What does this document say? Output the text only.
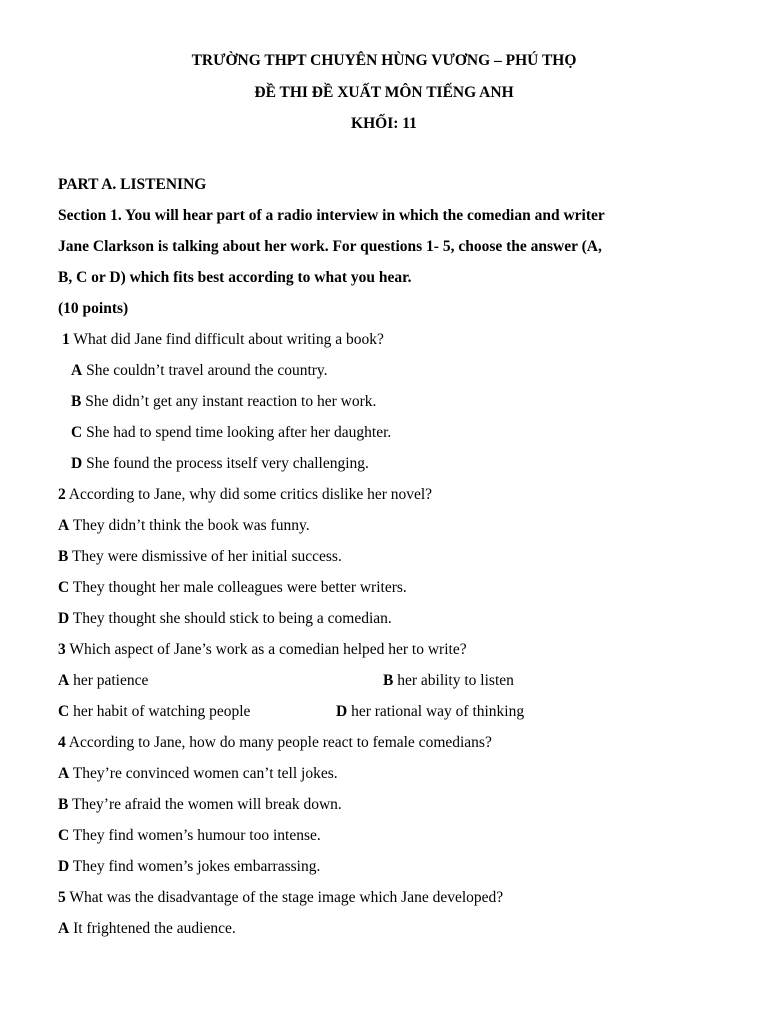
TRƯỜNG THPT CHUYÊN HÙNG VƯƠNG – PHÚ THỌ
ĐỀ THI ĐỀ XUẤT MÔN TIẾNG ANH
KHỐI: 11
PART A. LISTENING
Section 1. You will hear part of a radio interview in which the comedian and writer
Jane Clarkson is talking about her work. For questions 1- 5, choose the answer (A,
B, C or D) which fits best according to what you hear.
(10 points)
1 What did Jane find difficult about writing a book?
A She couldn’t travel around the country.
B She didn’t get any instant reaction to her work.
C She had to spend time looking after her daughter.
D She found the process itself very challenging.
2 According to Jane, why did some critics dislike her novel?
A They didn’t think the book was funny.
B They were dismissive of her initial success.
C They thought her male colleagues were better writers.
D They thought she should stick to being a comedian.
3 Which aspect of Jane’s work as a comedian helped her to write?
A her patience	B her ability to listen
C her habit of watching people	D her rational way of thinking
4 According to Jane, how do many people react to female comedians?
A They’re convinced women can’t tell jokes.
B They’re afraid the women will break down.
C They find women’s humour too intense.
D They find women’s jokes embarrassing.
5 What was the disadvantage of the stage image which Jane developed?
A It frightened the audience.
